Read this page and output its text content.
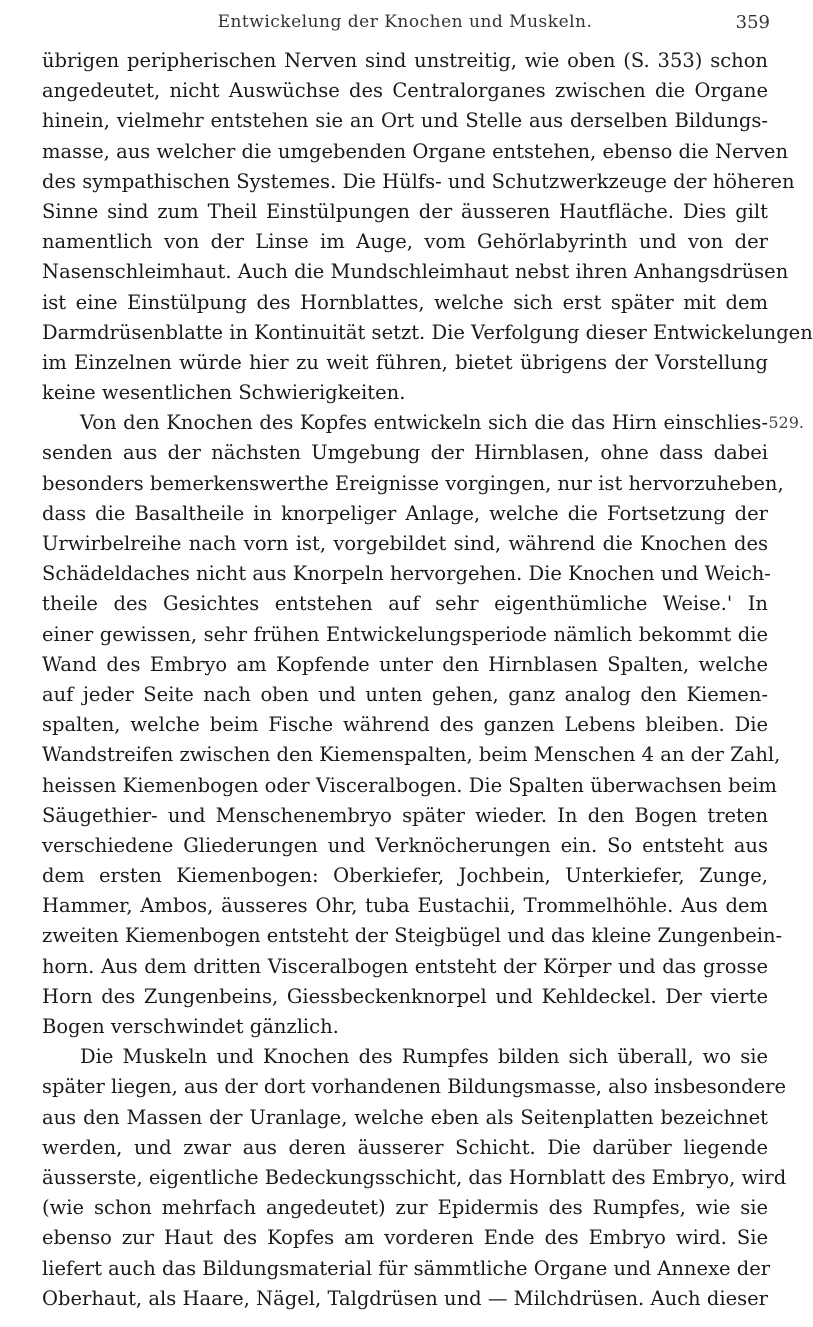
Entwickelung der Knochen und Muskeln.	359
übrigen peripherischen Nerven sind unstreitig, wie oben (S. 353) schon
angedeutet, nicht Auswüchse des Centralorganes zwischen die Organe
hinein, vielmehr entstehen sie an Ort und Stelle aus derselben Bildungs-
masse, aus welcher die umgebenden Organe entstehen, ebenso die Nerven
des sympathischen Systemes. Die Hülfs- und Schutzwerkzeuge der höheren
Sinne sind zum Theil Einstülpungen der äusseren Hautfläche. Dies gilt
namentlich von der Linse im Auge, vom Gehörlabyrinth und von der
Nasenschleimhaut. Auch die Mundschleimhaut nebst ihren Anhangsdrüsen
ist eine Einstülpung des Hornblattes, welche sich erst später mit dem
Darmdrüsenblatte in Kontinuität setzt. Die Verfolgung dieser Entwickelungen
im Einzelnen würde hier zu weit führen, bietet übrigens der Vorstellung
keine wesentlichen Schwierigkeiten.
Von den Knochen des Kopfes entwickeln sich die das Hirn einschlies- 529.
senden aus der nächsten Umgebung der Hirnblasen, ohne dass dabei
besonders bemerkenswerthe Ereignisse vorgingen, nur ist hervorzuheben,
dass die Basaltheile in knorpeliger Anlage, welche die Fortsetzung der
Urwirbelreihe nach vorn ist, vorgebildet sind, während die Knochen des
Schädeldaches nicht aus Knorpeln hervorgehen. Die Knochen und Weich-
theile des Gesichtes entstehen auf sehr eigenthümliche Weise.' In
einer gewissen, sehr frühen Entwickelungsperiode nämlich bekommt die
Wand des Embryo am Kopfende unter den Hirnblasen Spalten, welche
auf jeder Seite nach oben und unten gehen, ganz analog den Kiemen-
spalten, welche beim Fische während des ganzen Lebens bleiben. Die
Wandstreifen zwischen den Kiemenspalten, beim Menschen 4 an der Zahl,
heissen Kiemenbogen oder Visceralbogen. Die Spalten überwachsen beim
Säugethier- und Menschenembryo später wieder. In den Bogen treten
verschiedene Gliederungen und Verknöcherungen ein. So entsteht aus
dem ersten Kiemenbogen: Oberkiefer, Jochbein, Unterkiefer, Zunge,
Hammer, Ambos, äusseres Ohr, tuba Eustachii, Trommelhöhle. Aus dem
zweiten Kiemenbogen entsteht der Steigbügel und das kleine Zungenbein-
horn. Aus dem dritten Visceralbogen entsteht der Körper und das grosse
Horn des Zungenbeins, Giessbeckenknorpel und Kehldeckel. Der vierte
Bogen verschwindet gänzlich.
Die Muskeln und Knochen des Rumpfes bilden sich überall, wo sie
später liegen, aus der dort vorhandenen Bildungsmasse, also insbesondere
aus den Massen der Uranlage, welche eben als Seitenplatten bezeichnet
werden, und zwar aus deren äusserer Schicht. Die darüber liegende
äusserste, eigentliche Bedeckungsschicht, das Hornblatt des Embryo, wird
(wie schon mehrfach angedeutet) zur Epidermis des Rumpfes, wie sie
ebenso zur Haut des Kopfes am vorderen Ende des Embryo wird. Sie
liefert auch das Bildungsmaterial für sämmtliche Organe und Annexe der
Oberhaut, als Haare, Nägel, Talgdrüsen und — Milchdrüsen. Auch dieser
